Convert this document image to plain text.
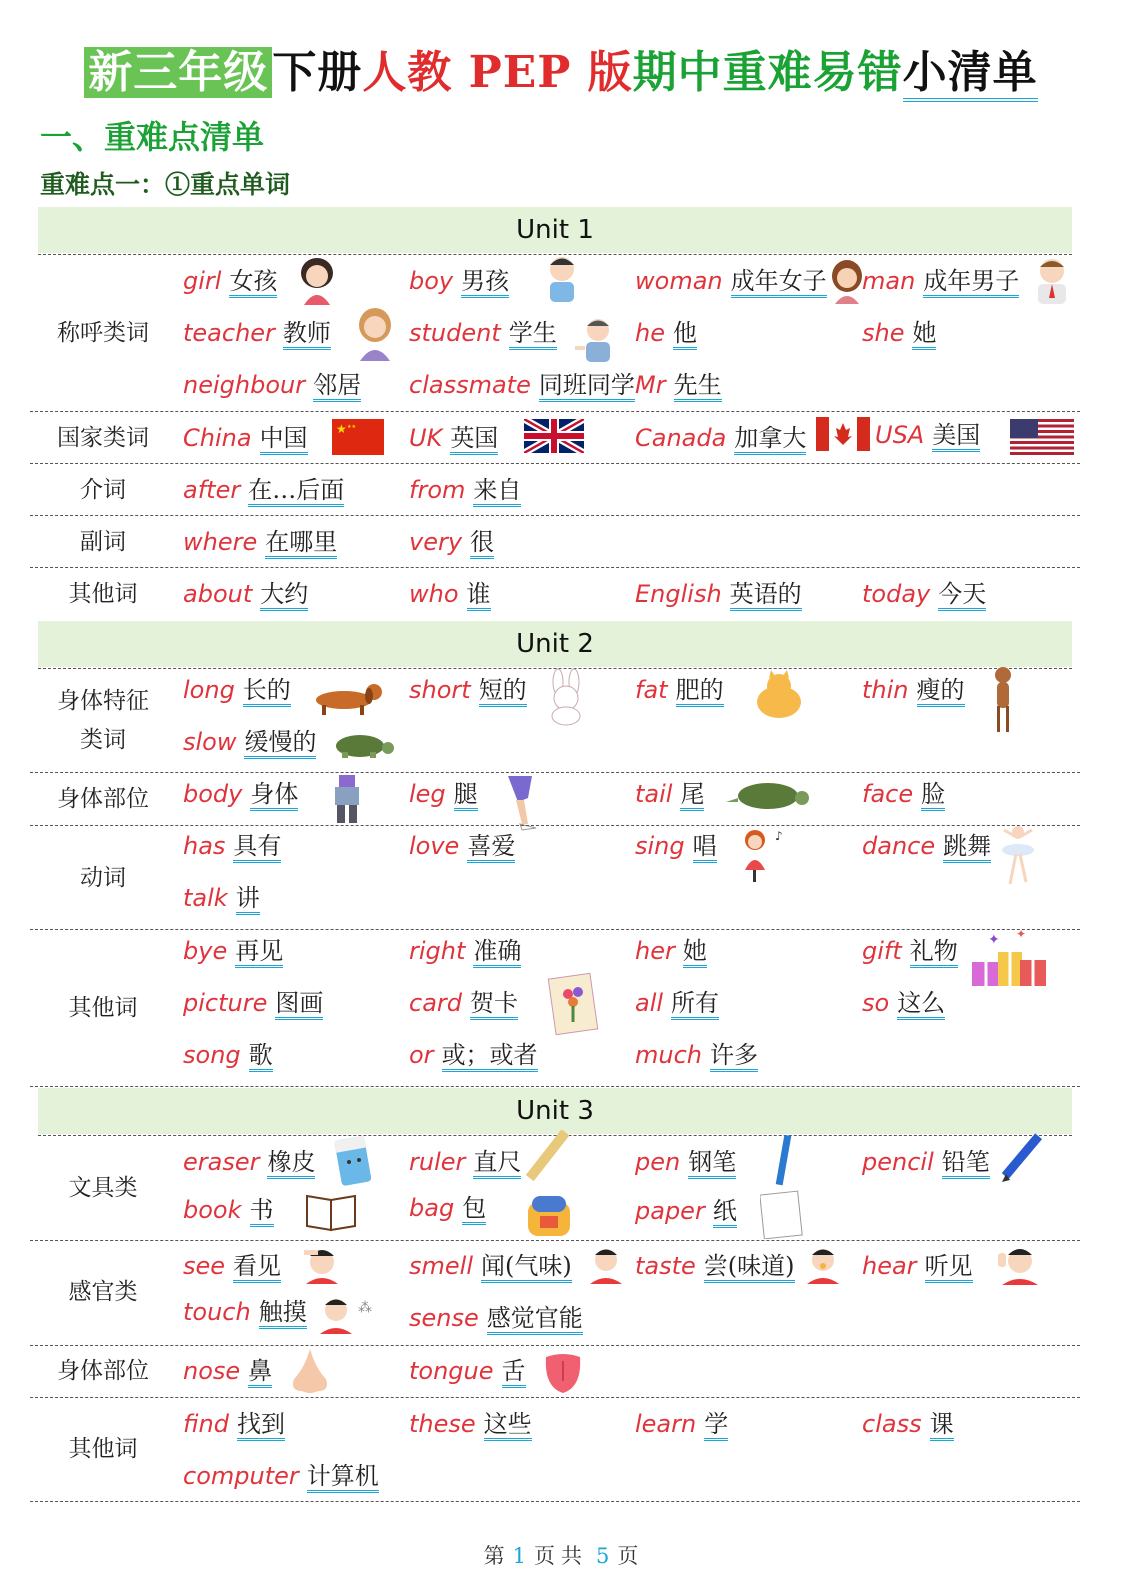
新三年级下册人教 PEP 版期中重难易错小清单
一、重难点清单
重难点一：①重点单词
Unit 1
称呼类词
girl 女孩	boy 男孩	woman 成年女子 man 成年男子
teacher 教师	student 学生	he 他	she 她
neighbour 邻居 classmate 同班同学 Mr 先生
国家类词	China 中国	UK 英国	Canada 加拿大	USA 美国
★ ★★
介词	after 在…后面	from 来自
副词	where 在哪里	very 很
其他词	about 大约	who 谁	English 英语的	today 今天
Unit 2
身体特征
类词
long 长的	short 短的	fat 肥的	thin 瘦的
slow 缓慢的
身体部位	body 身体	leg 腿	tail 尾	face 脸
动词
has 具有	love 喜爱	sing 唱	dance 跳舞
talk 讲
♪
其他词
bye 再见	right 准确	her 她	gift 礼物
picture 图画	card 贺卡	all 所有	so 这么
song 歌	or 或；或者	much 许多
✦ ✦
Unit 3
文具类
eraser 橡皮	ruler 直尺	pen 钢笔	pencil 铅笔
book 书	bag 包	paper 纸
感官类
see 看见	smell 闻(气味)	taste 尝(味道)	hear 听见
touch 触摸	sense 感觉官能
⁂
身体部位	nose 鼻	tongue 舌
其他词
find 找到	these 这些	learn 学	class 课
computer 计算机
第 1 页 共 5 页
